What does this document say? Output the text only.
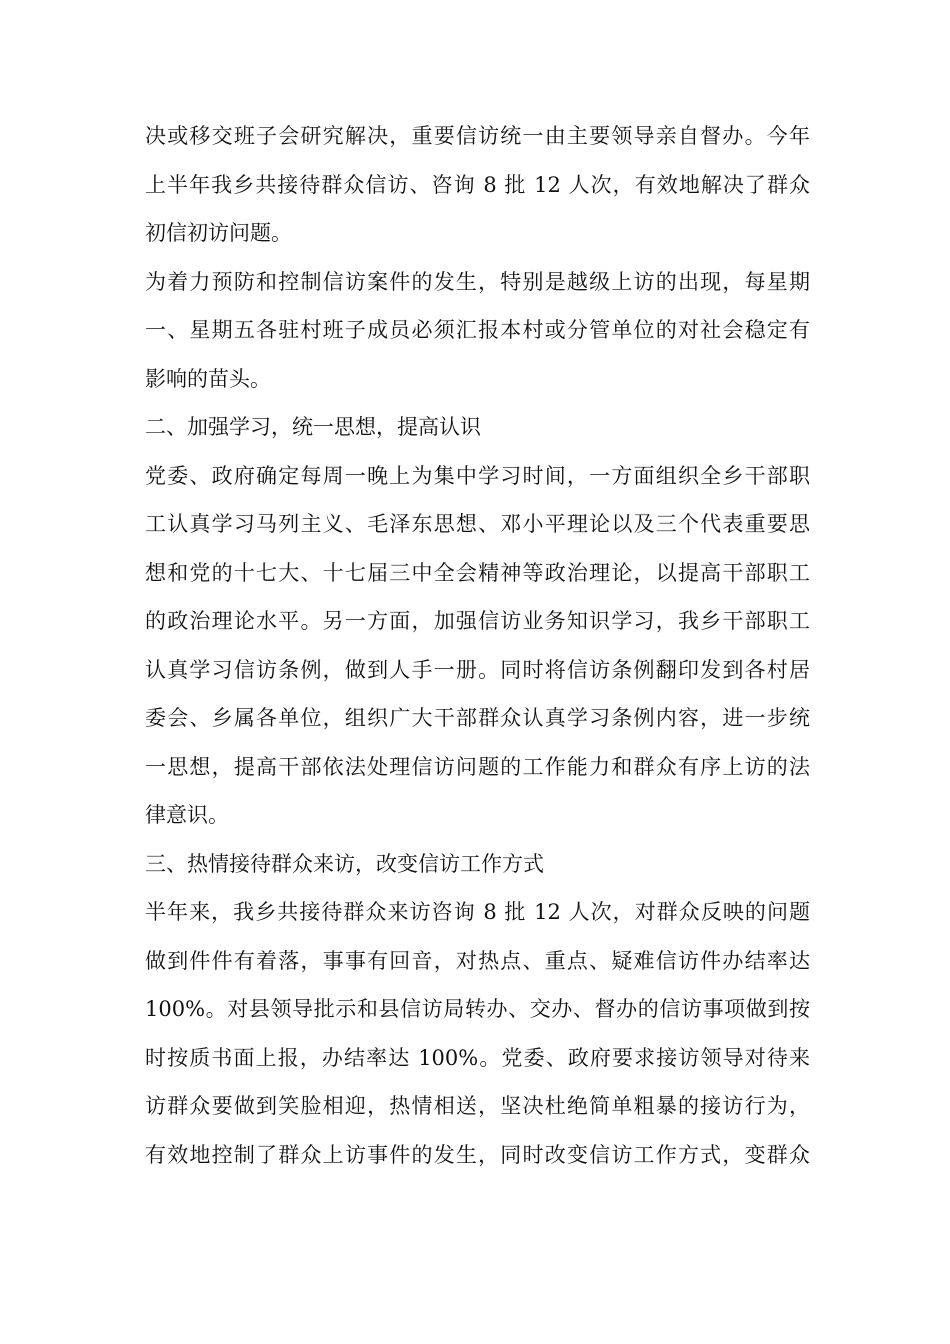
决或移交班子会研究解决，重要信访统一由主要领导亲自督办。今年
上半年我乡共接待群众信访、咨询 8 批 12 人次，有效地解决了群众
初信初访问题。
为着力预防和控制信访案件的发生，特别是越级上访的出现，每星期
一、星期五各驻村班子成员必须汇报本村或分管单位的对社会稳定有
影响的苗头。
二、加强学习，统一思想，提高认识
党委、政府确定每周一晚上为集中学习时间，一方面组织全乡干部职
工认真学习马列主义、毛泽东思想、邓小平理论以及三个代表重要思
想和党的十七大、十七届三中全会精神等政治理论，以提高干部职工
的政治理论水平。另一方面，加强信访业务知识学习，我乡干部职工
认真学习信访条例，做到人手一册。同时将信访条例翻印发到各村居
委会、乡属各单位，组织广大干部群众认真学习条例内容，进一步统
一思想，提高干部依法处理信访问题的工作能力和群众有序上访的法
律意识。
三、热情接待群众来访，改变信访工作方式
半年来，我乡共接待群众来访咨询 8 批 12 人次，对群众反映的问题
做到件件有着落，事事有回音，对热点、重点、疑难信访件办结率达
100%。对县领导批示和县信访局转办、交办、督办的信访事项做到按
时按质书面上报，办结率达 100%。党委、政府要求接访领导对待来
访群众要做到笑脸相迎，热情相送，坚决杜绝简单粗暴的接访行为，
有效地控制了群众上访事件的发生，同时改变信访工作方式，变群众
